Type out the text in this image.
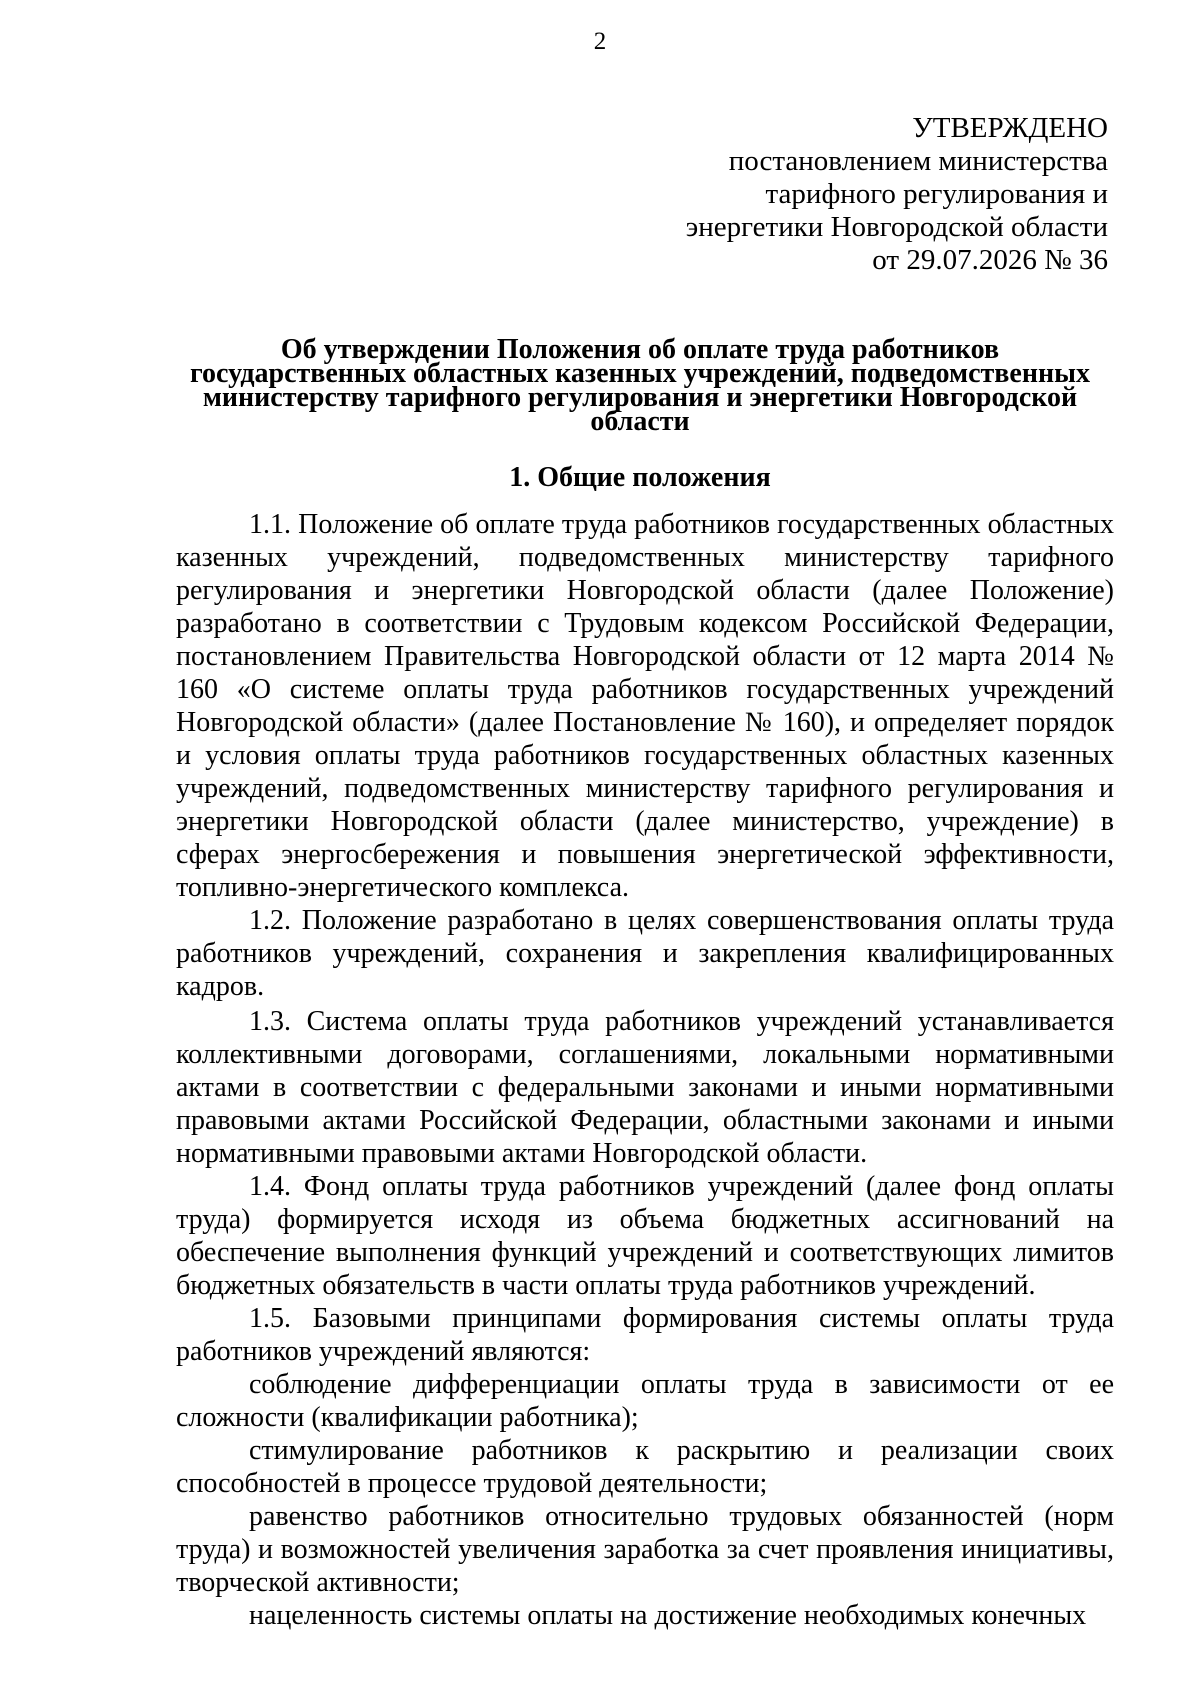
2
УТВЕРЖДЕНО
постановлением министерства
тарифного регулирования и
энергетики Новгородской области
от 29.07.2026 № 36
Об утверждении Положения об оплате труда работников
государственных областных казенных учреждений, подведомственных
министерству тарифного регулирования и энергетики Новгородской
области
1. Общие положения

1.1. Положение об оплате труда работников государственных областных казенных учреждений, подведомственных министерству тарифного регулирования и энергетики Новгородской области (далее Положение) разработано в соответствии с Трудовым кодексом Российской Федерации, постановлением Правительства Новгородской области от 12 марта 2014 № 160 «О системе оплаты труда работников государственных учреждений Новгородской области» (далее Постановление № 160), и определяет порядок и условия оплаты труда работников государственных областных казенных учреждений, подведомственных министерству тарифного регулирования и энергетики Новгородской области (далее министерство, учреждение) в сферах энергосбережения и повышения энергетической эффективности, топливно-энергетического комплекса.

1.2. Положение разработано в целях совершенствования оплаты труда работников учреждений, сохранения и закрепления квалифицированных кадров.

1.3. Система оплаты труда работников учреждений устанавливается коллективными договорами, соглашениями, локальными нормативными актами в соответствии с федеральными законами и иными нормативными правовыми актами Российской Федерации, областными законами и иными нормативными правовыми актами Новгородской области.

1.4. Фонд оплаты труда работников учреждений (далее фонд оплаты труда) формируется исходя из объема бюджетных ассигнований на обеспечение выполнения функций учреждений и соответствующих лимитов бюджетных обязательств в части оплаты труда работников учреждений.

1.5. Базовыми принципами формирования системы оплаты труда работников учреждений являются:

соблюдение дифференциации оплаты труда в зависимости от ее сложности (квалификации работника);

стимулирование работников к раскрытию и реализации своих способностей в процессе трудовой деятельности;

равенство работников относительно трудовых обязанностей (норм труда) и возможностей увеличения заработка за счет проявления инициативы, творческой активности;

нацеленность системы оплаты на достижение необходимых конечных
